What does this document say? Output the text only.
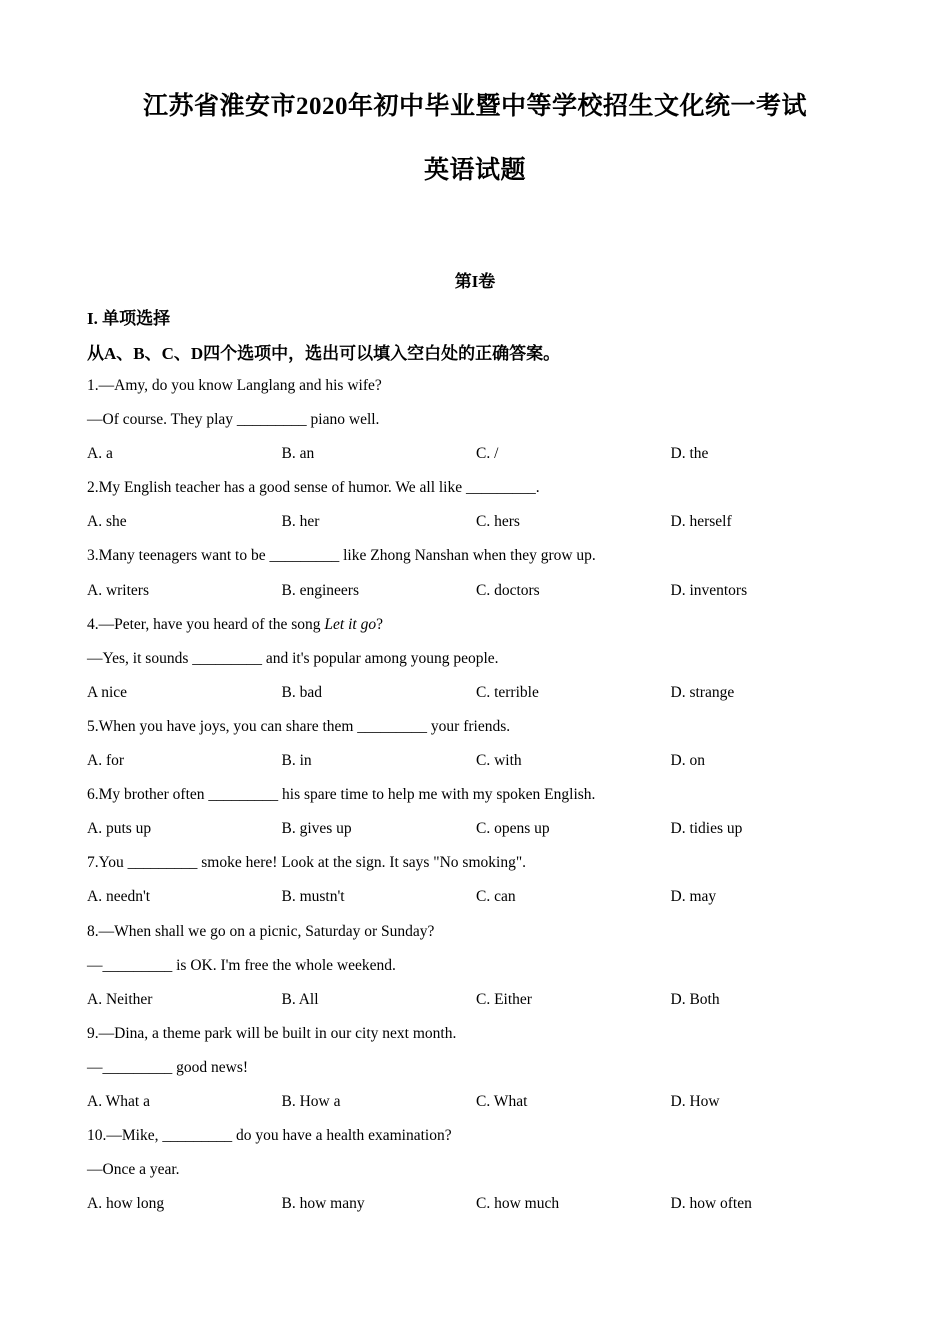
江苏省淮安市2020年初中毕业暨中等学校招生文化统一考试
英语试题
第I卷
I. 单项选择
从A、B、C、D四个选项中，选出可以填入空白处的正确答案。
1.—Amy, do you know Langlang and his wife?
—Of course. They play _________ piano well.
A. a	B. an	C. /	D. the
2.My English teacher has a good sense of humor. We all like _________.
A. she	B. her	C. hers	D. herself
3.Many teenagers want to be _________ like Zhong Nanshan when they grow up.
A. writers	B. engineers	C. doctors	D. inventors
4.—Peter, have you heard of the song Let it go?
—Yes, it sounds _________ and it's popular among young people.
A nice	B. bad	C. terrible	D. strange
5.When you have joys, you can share them _________ your friends.
A. for	B. in	C. with	D. on
6.My brother often _________ his spare time to help me with my spoken English.
A. puts up	B. gives up	C. opens up	D. tidies up
7.You _________ smoke here! Look at the sign. It says "No smoking".
A. needn't	B. mustn't	C. can	D. may
8.—When shall we go on a picnic, Saturday or Sunday?
—_________ is OK. I'm free the whole weekend.
A. Neither	B. All	C. Either	D. Both
9.—Dina, a theme park will be built in our city next month.
—_________ good news!
A. What a	B. How a	C. What	D. How
10.—Mike, _________ do you have a health examination?
—Once a year.
A. how long	B. how many	C. how much	D. how often
